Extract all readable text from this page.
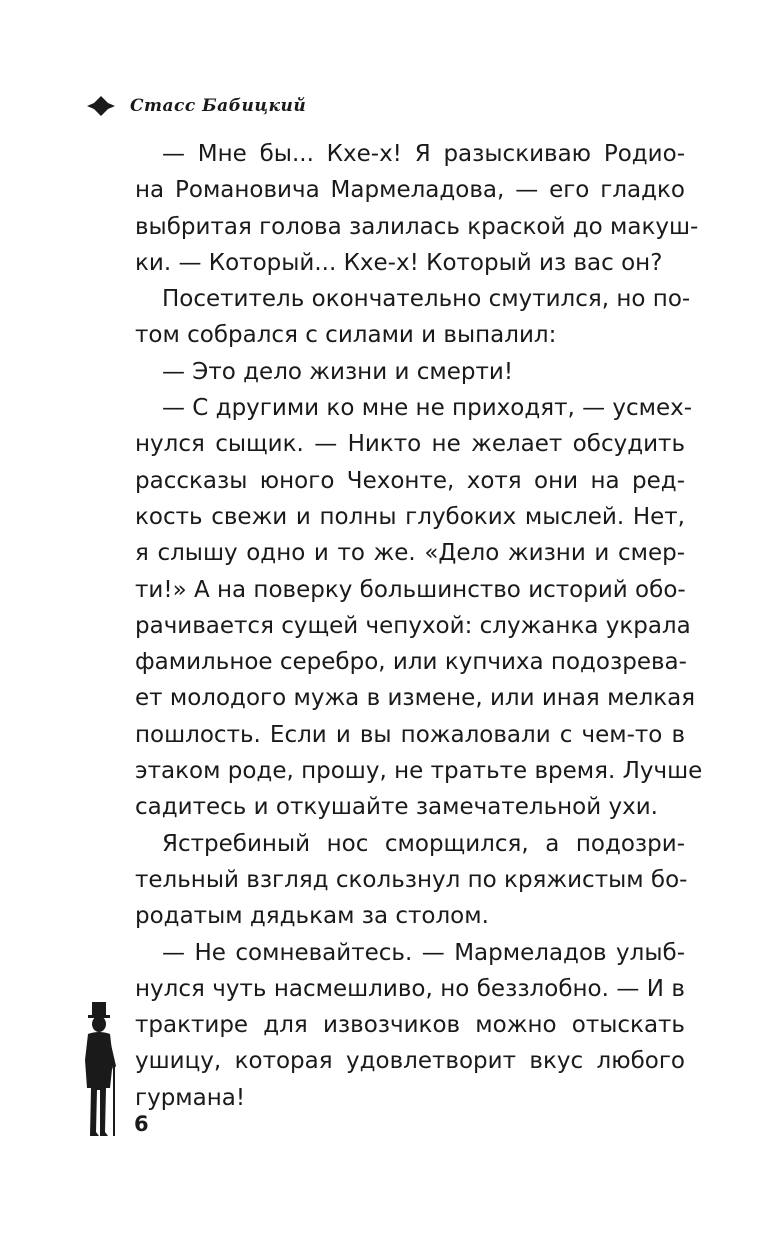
Стасс Бабицкий
— Мне бы... Кхе-х! Я разыскиваю Родио-
на Романовича Мармеладова, — его гладко
выбритая голова залилась краской до макуш-
ки. — Который... Кхе-х! Который из вас он?
Посетитель окончательно смутился, но по-
том собрался с силами и выпалил:
— Это дело жизни и смерти!
— С другими ко мне не приходят, — усмех-
нулся сыщик. — Никто не желает обсудить
рассказы юного Чехонте, хотя они на ред-
кость свежи и полны глубоких мыслей. Нет,
я слышу одно и то же. «Дело жизни и смер-
ти!» А на поверку большинство историй обо-
рачивается сущей чепухой: служанка украла
фамильное серебро, или купчиха подозрева-
ет молодого мужа в измене, или иная мелкая
пошлость. Если и вы пожаловали с чем-то в
этаком роде, прошу, не тратьте время. Лучше
садитесь и откушайте замечательной ухи.
Ястребиный нос сморщился, а подозри-
тельный взгляд скользнул по кряжистым бо-
родатым дядькам за столом.
— Не сомневайтесь. — Мармеладов улыб-
нулся чуть насмешливо, но беззлобно. — И в
трактире для извозчиков можно отыскать
ушицу, которая удовлетворит вкус любого
гурмана!
6
